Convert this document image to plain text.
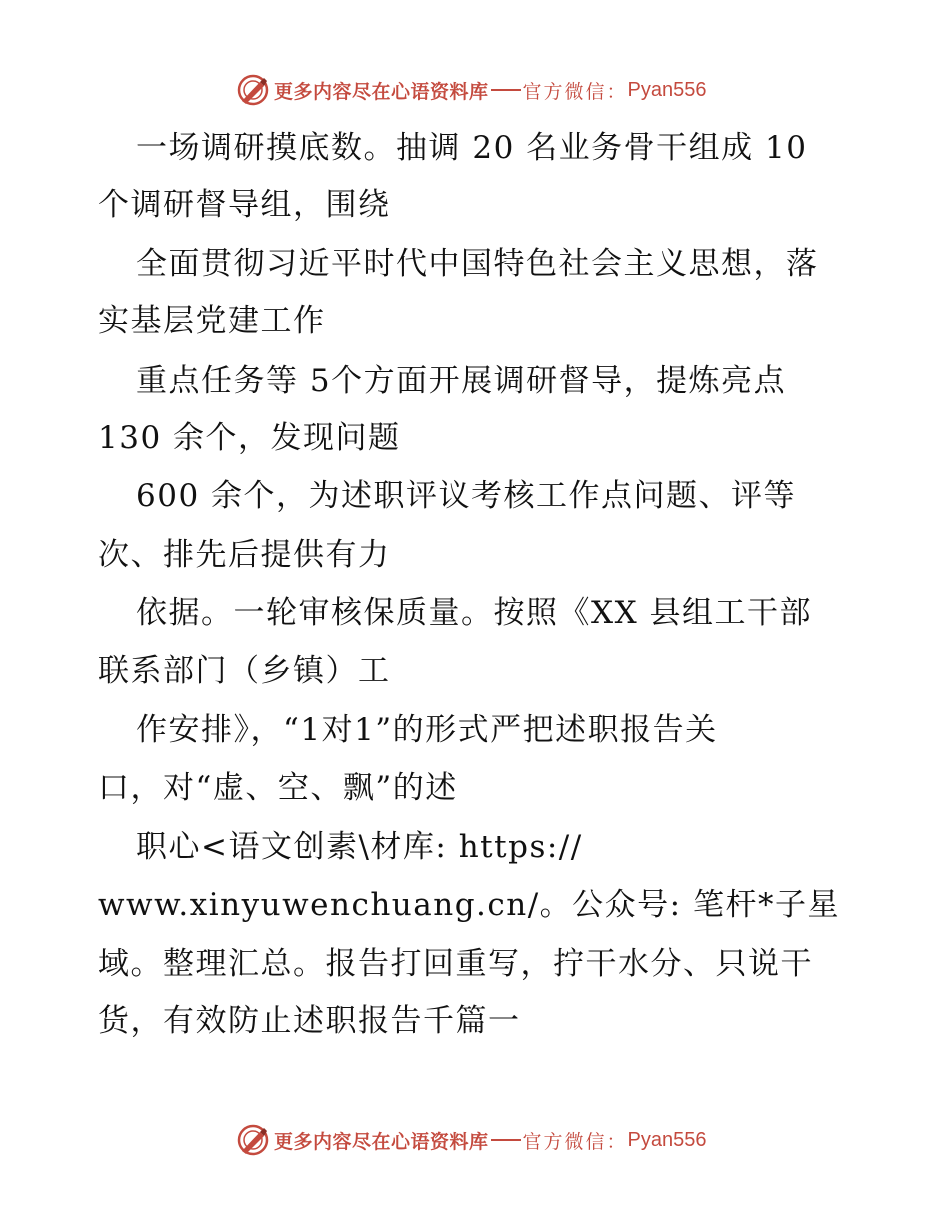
更多内容尽在心语资料库 官方微信： Pyan556
一场调研摸底数。抽调 20 名业务骨干组成 10
个调研督导组，围绕
全面贯彻习近平时代中国特色社会主义思想，落
实基层党建工作
重点任务等 5个方面开展调研督导，提炼亮点
130 余个，发现问题
600 余个，为述职评议考核工作点问题、评等
次、排先后提供有力
依据。一轮审核保质量。按照《XX 县组工干部
联系部门（乡镇）工
作安排》，“1对1”的形式严把述职报告关
口，对“虚、空、飘”的述
职心<语文创素\材库: https://
www.xinyuwenchuang.cn/。公众号: 笔杆*子星
域。整理汇总。报告打回重写，拧干水分、只说干
货，有效防止述职报告千篇一
更多内容尽在心语资料库 官方微信： Pyan556
